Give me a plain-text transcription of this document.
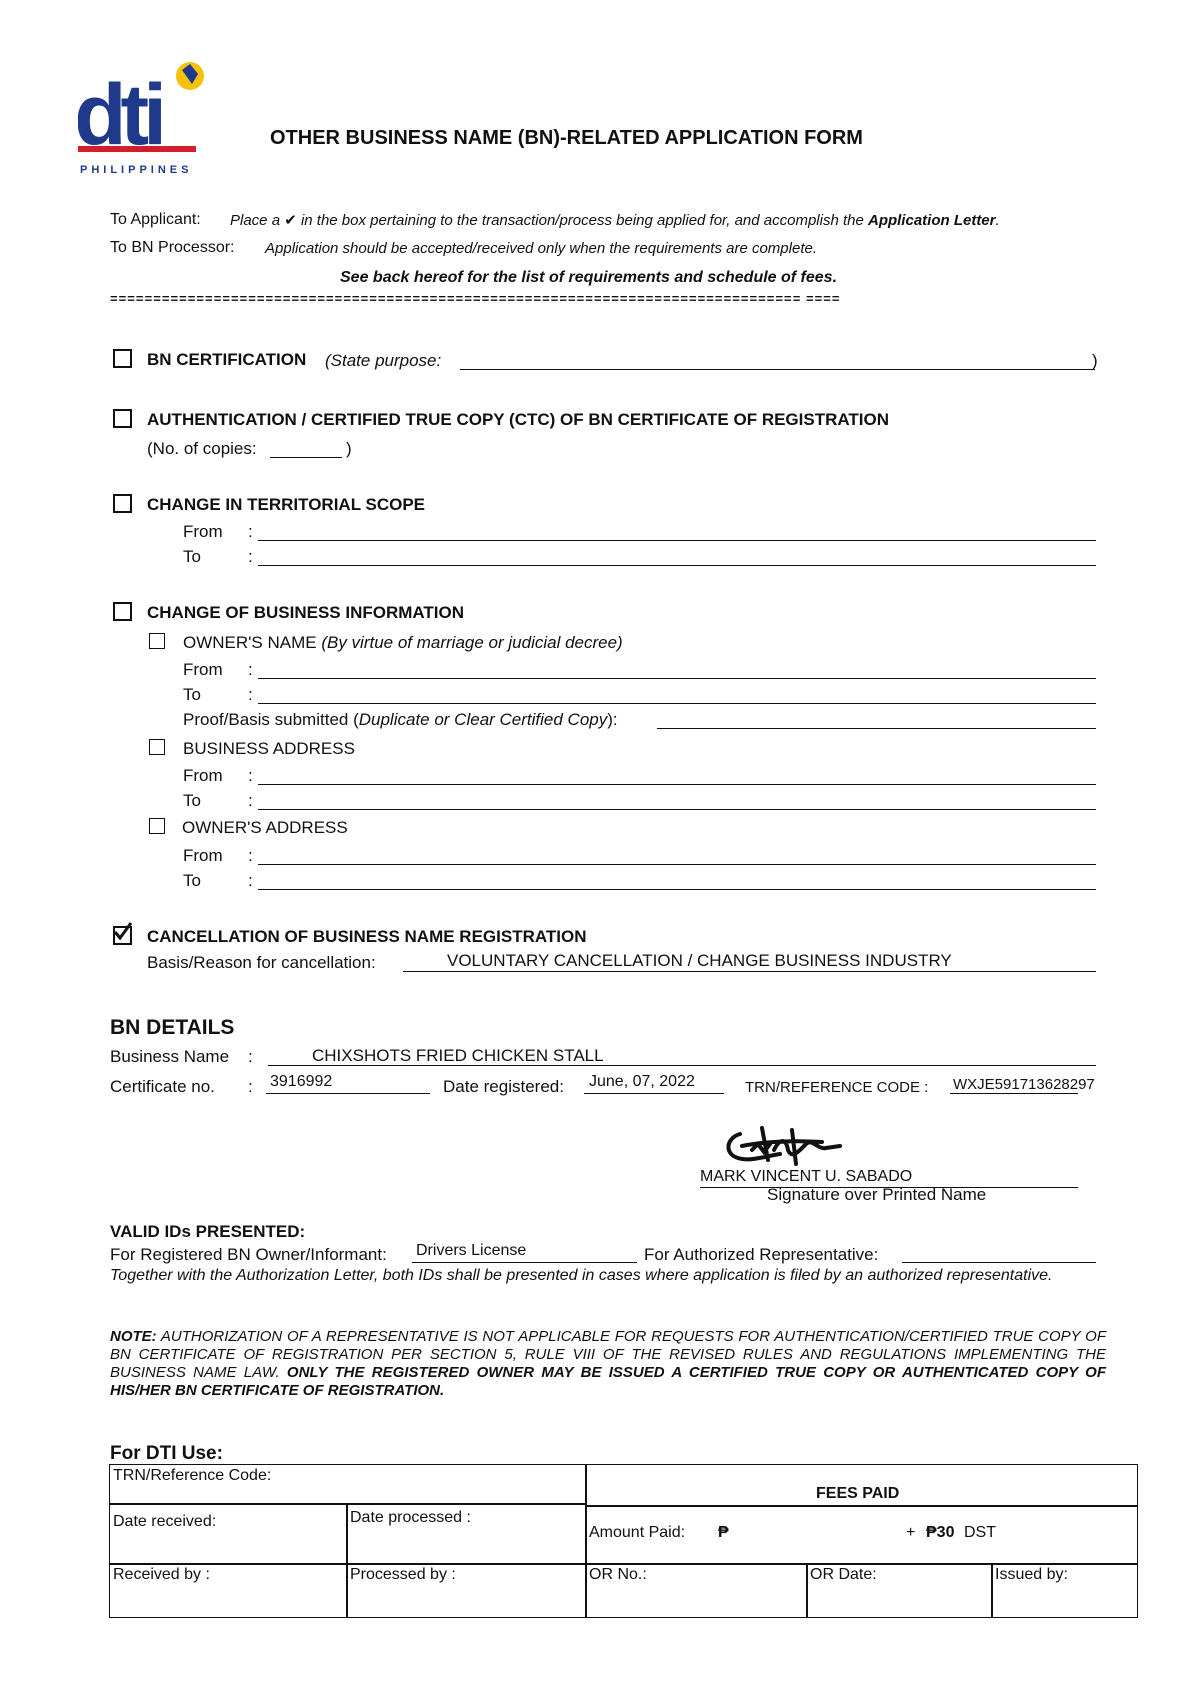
dti
PHILIPPINES
OTHER BUSINESS NAME (BN)-RELATED APPLICATION FORM
To Applicant: Place a ✔ in the box pertaining to the transaction/process being applied for, and accomplish the Application Letter.
To BN Processor: Application should be accepted/received only when the requirements are complete.
See back hereof for the list of requirements and schedule of fees.
================================================================================ ====
BN CERTIFICATION (State purpose:	)
AUTHENTICATION / CERTIFIED TRUE COPY (CTC) OF BN CERTIFICATE OF REGISTRATION
(No. of copies:	)
CHANGE IN TERRITORIAL SCOPE
From :
To	:
CHANGE OF BUSINESS INFORMATION
OWNER'S NAME (By virtue of marriage or judicial decree)
From :
To	:
Proof/Basis submitted (Duplicate or Clear Certified Copy):
BUSINESS ADDRESS
From :
To	:
OWNER'S ADDRESS
From :
To	:
CANCELLATION OF BUSINESS NAME REGISTRATION
Basis/Reason for cancellation:	VOLUNTARY CANCELLATION / CHANGE BUSINESS INDUSTRY
BN DETAILS
Business Name :	CHIXSHOTS FRIED CHICKEN STALL
Certificate no. : 3916992	Date registered: June, 07, 2022	TRN/REFERENCE CODE : WXJE591713628297
MARK VINCENT U. SABADO
Signature over Printed Name
VALID IDs PRESENTED:
For Registered BN Owner/Informant: Drivers License	For Authorized Representative:
Together with the Authorization Letter, both IDs shall be presented in cases where application is filed by an authorized representative.
NOTE: AUTHORIZATION OF A REPRESENTATIVE IS NOT APPLICABLE FOR REQUESTS FOR AUTHENTICATION/CERTIFIED TRUE COPY OF BN CERTIFICATE OF REGISTRATION PER SECTION 5, RULE VIII OF THE REVISED RULES AND REGULATIONS IMPLEMENTING THE BUSINESS NAME LAW. ONLY THE REGISTERED OWNER MAY BE ISSUED A CERTIFIED TRUE COPY OR AUTHENTICATED COPY OF HIS/HER BN CERTIFICATE OF REGISTRATION.
For DTI Use:
TRN/Reference Code:
FEES PAID
Date received:	Date processed :
Amount Paid: ₱	+ ₱30 DST
Received by :	Processed by :	OR No.:	OR Date:	Issued by:
